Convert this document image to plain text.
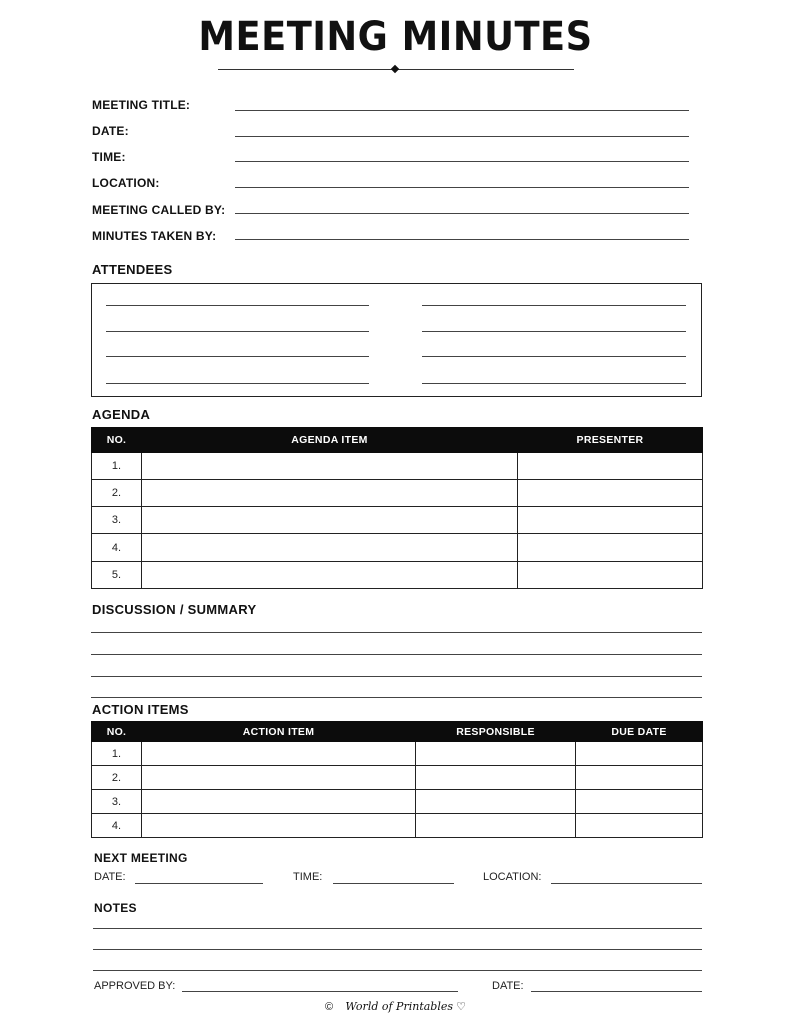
MEETING MINUTES
MEETING TITLE:
DATE:
TIME:
LOCATION:
MEETING CALLED BY:
MINUTES TAKEN BY:
ATTENDEES
AGENDA
NO.	AGENDA ITEM	PRESENTER
1.		
2.		
3.		
4.		
5.		
DISCUSSION / SUMMARY
ACTION ITEMS
NO.	ACTION ITEM	RESPONSIBLE	DUE DATE
1.			
2.			
3.			
4.			
NEXT MEETING
DATE:	TIME:	LOCATION:
NOTES
APPROVED BY:	DATE:
© World of Printables ♡
